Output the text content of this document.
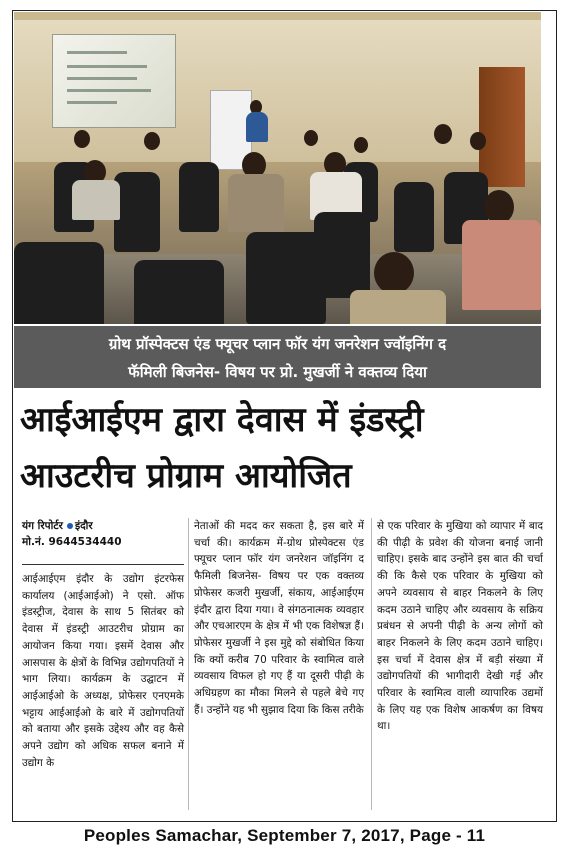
ग्रोथ प्रॉस्पेक्टस एंड फ्यूचर प्लान फॉर यंग जनरेशन ज्वॉइनिंग द
फॅमिली बिजनेस- विषय पर प्रो. मुखर्जी ने वक्तव्य दिया
आईआईएम द्वारा देवास में इंडस्ट्री
आउटरीच प्रोग्राम आयोजित
यंग रिपोर्टर इंदौर
मो.नं. 9644534440

आईआईएम इंदौर के उद्योग इंटरफेस कार्यालय (आईआईओ) ने एसो. ऑफ इंडस्ट्रीज, देवास के साथ 5 सितंबर को देवास में इंडस्ट्री आउटरीच प्रोग्राम का आयोजन किया गया। इसमें देवास और आसपास के क्षेत्रों के विभिन्न उद्योगपतियों ने भाग लिया। कार्यक्रम के उद्घाटन में आईआईओ के अध्यक्ष, प्रोफेसर एनएमके भट्टाय आईआईओ के बारे में उद्योगपतियों को बताया और इसके उद्देश्य और वह कैसे अपने उद्योग को अधिक सफल बनाने में उद्योग के

नेताओं की मदद कर सकता है, इस बारे में चर्चा की। कार्यक्रम में-ग्रोथ प्रोस्पेक्टस एंड फ्यूचर प्लान फॉर यंग जनरेशन जॉइनिंग द फैमिली बिजनेस- विषय पर एक वक्तव्य प्रोफेसर कजरी मुखर्जी, संकाय, आईआईएम इंदौर द्वारा दिया गया। वे संगठनात्मक व्यवहार और एचआरएम के क्षेत्र में भी एक विशेषज्ञ हैं। प्रोफेसर मुखर्जी ने इस मुद्दे को संबोधित किया कि क्यों करीब 70 परिवार के स्वामित्व वाले व्यवसाय विफल हो गए हैं या दूसरी पीढ़ी के अधिग्रहण का मौका मिलने से पहले बेचे गए हैं। उन्होंने यह भी सुझाव दिया कि किस तरीके

से एक परिवार के मुखिया को व्यापार में बाद की पीढ़ी के प्रवेश की योजना बनाई जानी चाहिए। इसके बाद उन्होंने इस बात की चर्चा की कि कैसे एक परिवार के मुखिया को अपने व्यवसाय से बाहर निकलने के लिए कदम उठाने चाहिए और व्यवसाय के सक्रिय प्रबंधन से अपनी पीढ़ी के अन्य लोगों को बाहर निकलने के लिए कदम उठाने चाहिए। इस चर्चा में देवास क्षेत्र में बड़ी संख्या में उद्योगपतियों की भागीदारी देखी गई और परिवार के स्वामित्व वाली व्यापारिक उद्यमों के लिए यह एक विशेष आकर्षण का विषय था।

Peoples Samachar, September 7, 2017, Page - 11
